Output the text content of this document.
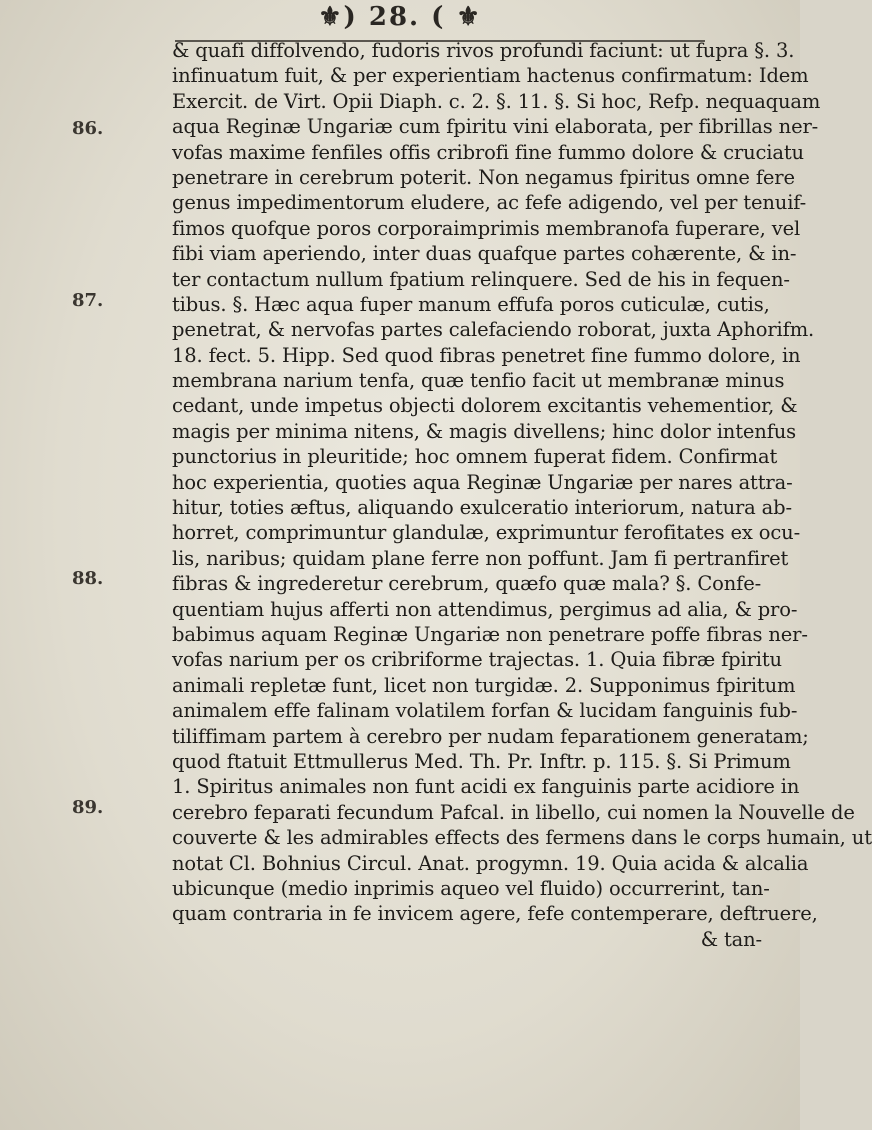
⚜) 28. ( ⚜
86.
87.
88.
89.
& quafi diffolvendo, fudoris rivos profundi faciunt: ut fupra §. 3.
infinuatum fuit, & per experientiam hactenus confirmatum: Idem
Exercit. de Virt. Opii Diaph. c. 2. §. 11. §. Si hoc, Refp. nequaquam
aqua Reginæ Ungariæ cum fpiritu vini elaborata, per fibrillas ner-
vofas maxime fenfiles offis cribrofi fine fummo dolore & cruciatu
penetrare in cerebrum poterit. Non negamus fpiritus omne fere
genus impedimentorum eludere, ac fefe adigendo, vel per tenuif-
fimos quofque poros corporaimprimis membranofa fuperare, vel
fibi viam aperiendo, inter duas quafque partes cohærente, & in-
ter contactum nullum fpatium relinquere. Sed de his in fequen-
tibus. §. Hæc aqua fuper manum effufa poros cuticulæ, cutis,
penetrat, & nervofas partes calefaciendo roborat, juxta Aphorifm.
18. fect. 5. Hipp. Sed quod fibras penetret fine fummo dolore, in
membrana narium tenfa, quæ tenfio facit ut membranæ minus
cedant, unde impetus objecti dolorem excitantis vehementior, &
magis per minima nitens, & magis divellens; hinc dolor intenfus
punctorius in pleuritide; hoc omnem fuperat fidem. Confirmat
hoc experientia, quoties aqua Reginæ Ungariæ per nares attra-
hitur, toties æftus, aliquando exulceratio interiorum, natura ab-
horret, comprimuntur glandulæ, exprimuntur ferofitates ex ocu-
lis, naribus; quidam plane ferre non poffunt. Jam fi pertranfiret
fibras & ingrederetur cerebrum, quæfo quæ mala? §. Confe-
quentiam hujus afferti non attendimus, pergimus ad alia, & pro-
babimus aquam Reginæ Ungariæ non penetrare poffe fibras ner-
vofas narium per os cribriforme trajectas. 1. Quia fibræ fpiritu
animali repletæ funt, licet non turgidæ. 2. Supponimus fpiritum
animalem effe falinam volatilem forfan & lucidam fanguinis fub-
tiliffimam partem à cerebro per nudam feparationem generatam;
quod ftatuit Ettmullerus Med. Th. Pr. Inftr. p. 115. §. Si Primum
1. Spiritus animales non funt acidi ex fanguinis parte acidiore in
cerebro feparati fecundum Pafcal. in libello, cui nomen la Nouvelle de
couverte & les admirables effects des fermens dans le corps humain, ut
notat Cl. Bohnius Circul. Anat. progymn. 19. Quia acida & alcalia
ubicunque (medio inprimis aqueo vel fluido) occurrerint, tan-
quam contraria in fe invicem agere, fefe contemperare, deftruere,
& tan-
